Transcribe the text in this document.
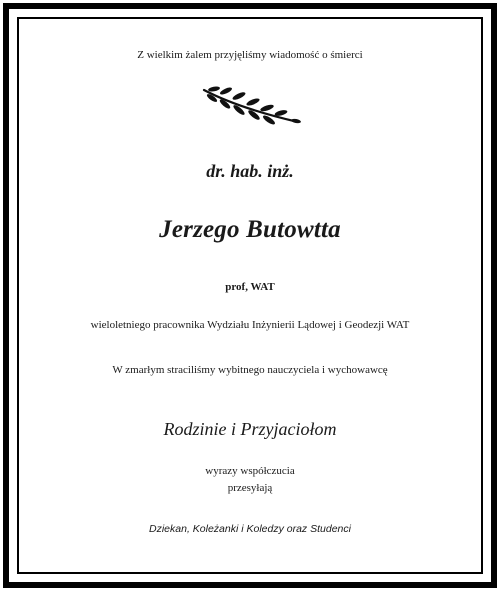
Z wielkim żalem przyjęliśmy wiadomość o śmierci
dr. hab. inż.
Jerzego Butowtta
prof, WAT
wieloletniego pracownika Wydziału Inżynierii Lądowej i Geodezji WAT
W zmarłym straciliśmy wybitnego nauczyciela i wychowawcę
Rodzinie i Przyjaciołom
wyrazy współczucia
przesyłają
Dziekan, Koleżanki i Koledzy oraz Studenci
